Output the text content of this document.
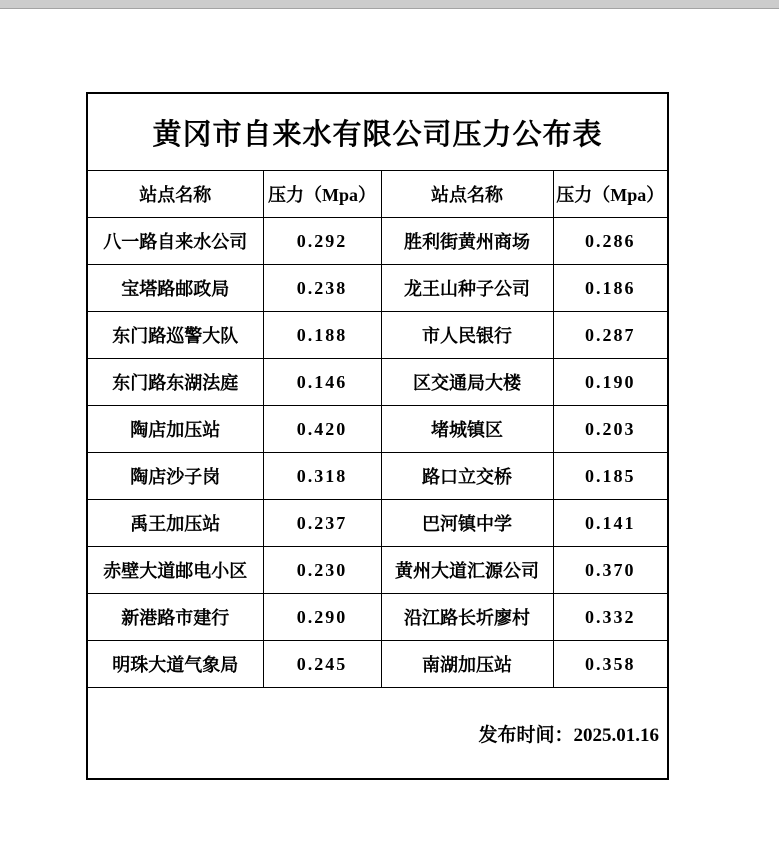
黄冈市自来水有限公司压力公布表			
站点名称	压力（Mpa）	站点名称	压力（Mpa）
八一路自来水公司	0.292	胜利街黄州商场	0.286
宝塔路邮政局	0.238	龙王山种子公司	0.186
东门路巡警大队	0.188	市人民银行	0.287
东门路东湖法庭	0.146	区交通局大楼	0.190
陶店加压站	0.420	堵城镇区	0.203
陶店沙子岗	0.318	路口立交桥	0.185
禹王加压站	0.237	巴河镇中学	0.141
赤壁大道邮电小区	0.230	黄州大道汇源公司	0.370
新港路市建行	0.290	沿江路长圻廖村	0.332
明珠大道气象局	0.245	南湖加压站	0.358
发布时间：2025.01.16			
